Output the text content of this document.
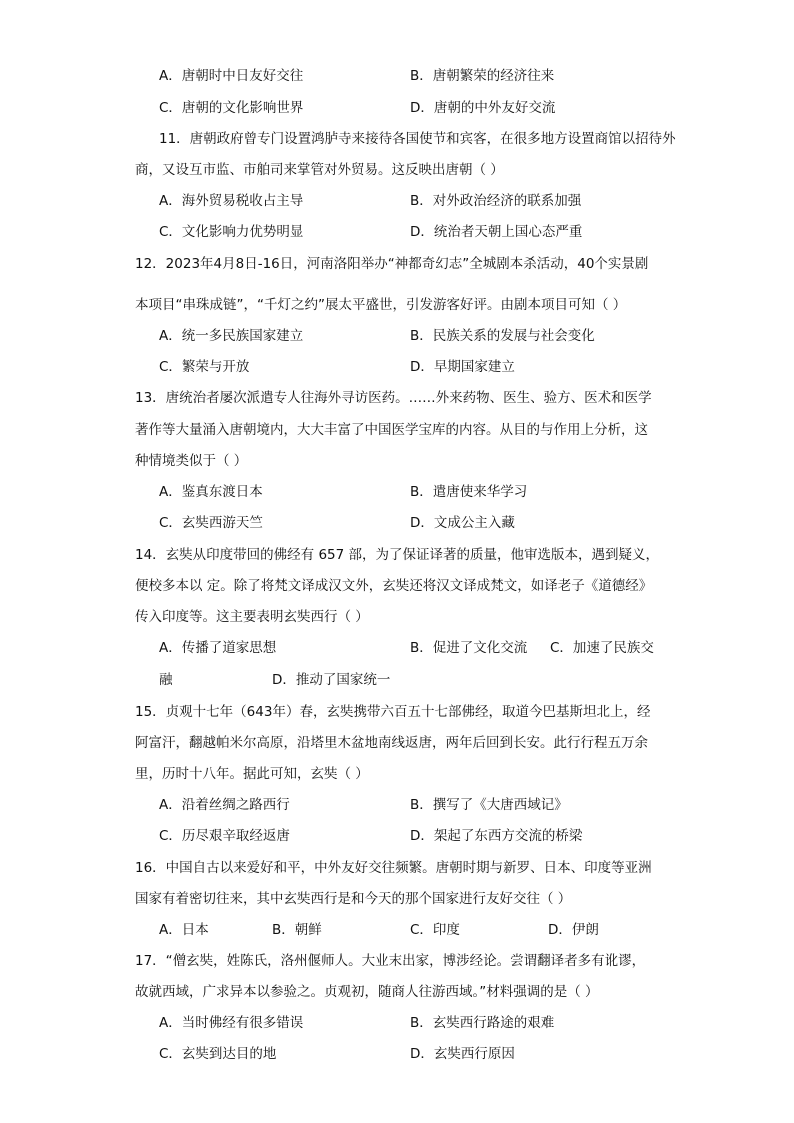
A．唐朝时中日友好交往	B．唐朝繁荣的经济往来
C．唐朝的文化影响世界	D．唐朝的中外友好交流
11．唐朝政府曾专门设置鸿胪寺来接待各国使节和宾客，在很多地方设置商馆以招待外
商，又设互市监、市舶司来掌管对外贸易。这反映出唐朝（ ）
A．海外贸易税收占主导	B．对外政治经济的联系加强
C．文化影响力优势明显	D．统治者天朝上国心态严重
12．2023年4月8日-16日，河南洛阳举办“神都奇幻志”全城剧本杀活动，40个实景剧
本项目“串珠成链”，“千灯之约”展太平盛世，引发游客好评。由剧本项目可知（ ）
A．统一多民族国家建立	B．民族关系的发展与社会变化
C．繁荣与开放	D．早期国家建立
13．唐统治者屡次派遣专人往海外寻访医药。……外来药物、医生、验方、医术和医学
著作等大量涌入唐朝境内，大大丰富了中国医学宝库的内容。从目的与作用上分析，这
种情境类似于（ ）
A．鉴真东渡日本	B．遣唐使来华学习
C．玄奘西游天竺	D．文成公主入藏
14．玄奘从印度带回的佛经有 657 部，为了保证译著的质量，他审选版本，遇到疑义，
便校多本以 定。除了将梵文译成汉文外，玄奘还将汉文译成梵文，如译老子《道德经》
传入印度等。这主要表明玄奘西行（ ）
A．传播了道家思想	B．促进了文化交流 C．加速了民族交
融	D．推动了国家统一
15．贞观十七年（643年）春，玄奘携带六百五十七部佛经，取道今巴基斯坦北上，经
阿富汗，翻越帕米尔高原，沿塔里木盆地南线返唐，两年后回到长安。此行行程五万余
里，历时十八年。据此可知，玄奘（ ）
A．沿着丝绸之路西行	B．撰写了《大唐西域记》
C．历尽艰辛取经返唐	D．架起了东西方交流的桥梁
16．中国自古以来爱好和平，中外友好交往频繁。唐朝时期与新罗、日本、印度等亚洲
国家有着密切往来，其中玄奘西行是和今天的那个国家进行友好交往（ ）
A．日本	B．朝鲜	C．印度	D．伊朗
17．“僧玄奘，姓陈氏，洛州偃师人。大业末出家，博涉经论。尝谓翻译者多有讹谬，
故就西域，广求异本以参验之。贞观初，随商人往游西域。”材料强调的是（ ）
A．当时佛经有很多错误	B．玄奘西行路途的艰难
C．玄奘到达目的地	D．玄奘西行原因
